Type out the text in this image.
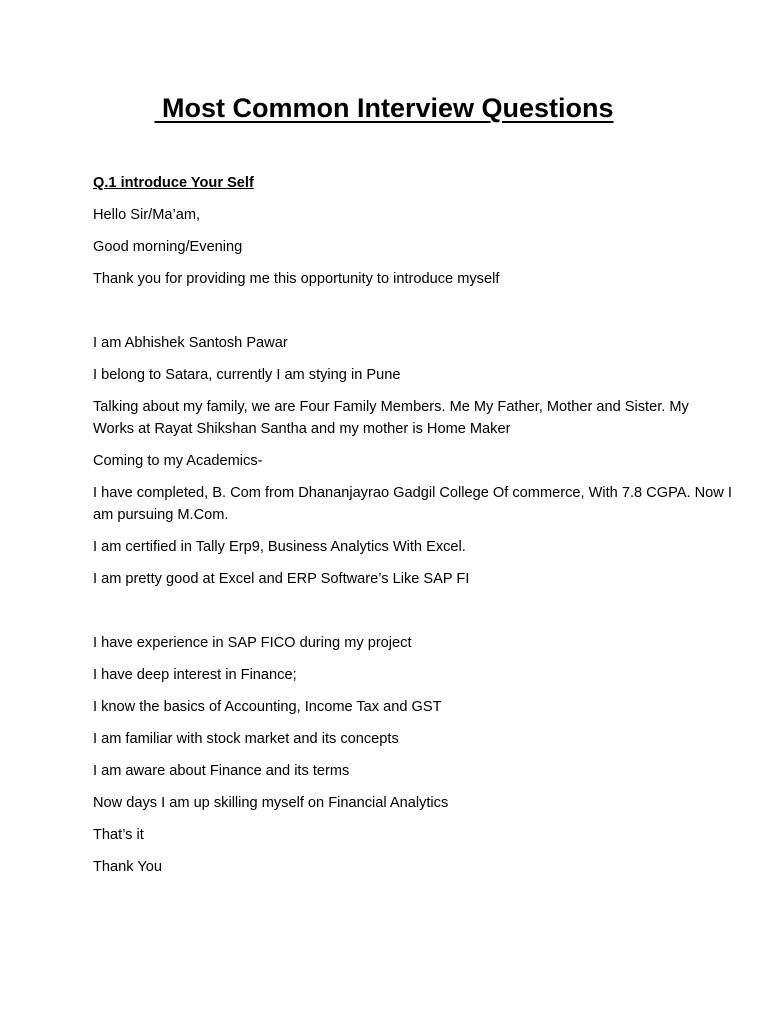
Most Common Interview Questions

Q.1 introduce Your Self

Hello Sir/Ma’am,

Good morning/Evening

Thank you for providing me this opportunity to introduce myself

I am Abhishek Santosh Pawar

I belong to Satara, currently I am stying in Pune

Talking about my family, we are Four Family Members. Me My Father, Mother and Sister. My Works at Rayat Shikshan Santha and my mother is Home Maker

Coming to my Academics-

I have completed, B. Com from Dhananjayrao Gadgil College Of commerce, With 7.8 CGPA. Now I am pursuing M.Com.

I am certified in Tally Erp9, Business Analytics With Excel.

I am pretty good at Excel and ERP Software’s Like SAP FI

I have experience in SAP FICO during my project

I have deep interest in Finance;

I know the basics of Accounting, Income Tax and GST

I am familiar with stock market and its concepts

I am aware about Finance and its terms

Now days I am up skilling myself on Financial Analytics

That’s it

Thank You
